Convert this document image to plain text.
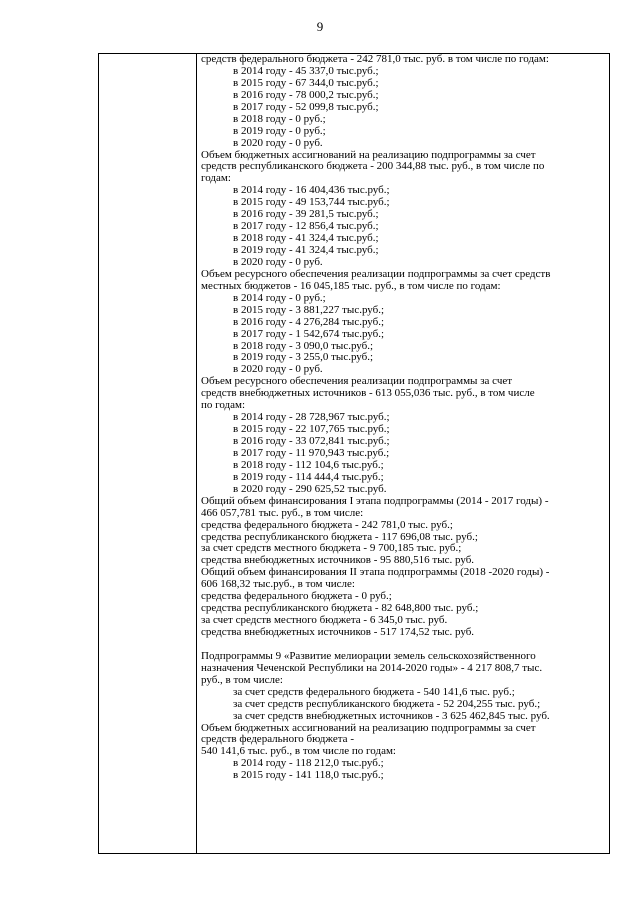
9
средств федерального бюджета - 242 781,0 тыс. руб. в том числе по годам:
в 2014 году - 45 337,0 тыс.руб.;
в 2015 году - 67 344,0 тыс.руб.;
в 2016 году - 78 000,2 тыс.руб.;
в 2017 году - 52 099,8 тыс.руб.;
в 2018 году - 0 руб.;
в 2019 году - 0 руб.;
в 2020 году - 0 руб.
Объем бюджетных ассигнований на реализацию подпрограммы за счет
средств республиканского бюджета - 200 344,88 тыс. руб., в том числе по
годам:
в 2014 году - 16 404,436 тыс.руб.;
в 2015 году - 49 153,744 тыс.руб.;
в 2016 году - 39 281,5 тыс.руб.;
в 2017 году - 12 856,4 тыс.руб.;
в 2018 году - 41 324,4 тыс.руб.;
в 2019 году - 41 324,4 тыс.руб.;
в 2020 году - 0 руб.
Объем ресурсного обеспечения реализации подпрограммы за счет средств
местных бюджетов - 16 045,185 тыс. руб., в том числе по годам:
в 2014 году - 0 руб.;
в 2015 году - 3 881,227 тыс.руб.;
в 2016 году - 4 276,284 тыс.руб.;
в 2017 году - 1 542,674 тыс.руб.;
в 2018 году - 3 090,0 тыс.руб.;
в 2019 году - 3 255,0 тыс.руб.;
в 2020 году - 0 руб.
Объем ресурсного обеспечения реализации подпрограммы за счет
средств внебюджетных источников - 613 055,036 тыс. руб., в том числе
по годам:
в 2014 году - 28 728,967 тыс.руб.;
в 2015 году - 22 107,765 тыс.руб.;
в 2016 году - 33 072,841 тыс.руб.;
в 2017 году - 11 970,943 тыс.руб.;
в 2018 году - 112 104,6 тыс.руб.;
в 2019 году - 114 444,4 тыс.руб.;
в 2020 году - 290 625,52 тыс.руб.
Общий объем финансирования I этапа подпрограммы (2014 - 2017 годы) -
466 057,781 тыс. руб., в том числе:
средства федерального бюджета - 242 781,0 тыс. руб.;
средства республиканского бюджета - 117 696,08 тыс. руб.;
за счет средств местного бюджета - 9 700,185 тыс. руб.;
средства внебюджетных источников - 95 880,516 тыс. руб.
Общий объем финансирования II этапа подпрограммы (2018 -2020 годы) -
606 168,32 тыс.руб., в том числе:
средства федерального бюджета - 0 руб.;
средства республиканского бюджета - 82 648,800 тыс. руб.;
за счет средств местного бюджета - 6 345,0 тыс. руб.
средства внебюджетных источников - 517 174,52 тыс. руб.
Подпрограммы 9 «Развитие мелиорации земель сельскохозяйственного
назначения Чеченской Республики на 2014-2020 годы» - 4 217 808,7 тыс.
руб., в том числе:
за счет средств федерального бюджета - 540 141,6 тыс. руб.;
за счет средств республиканского бюджета - 52 204,255 тыс. руб.;
за счет средств внебюджетных источников - 3 625 462,845 тыс. руб.
Объем бюджетных ассигнований на реализацию подпрограммы за счет
средств федерального бюджета -
540 141,6 тыс. руб., в том числе по годам:
в 2014 году - 118 212,0 тыс.руб.;
в 2015 году - 141 118,0 тыс.руб.;
